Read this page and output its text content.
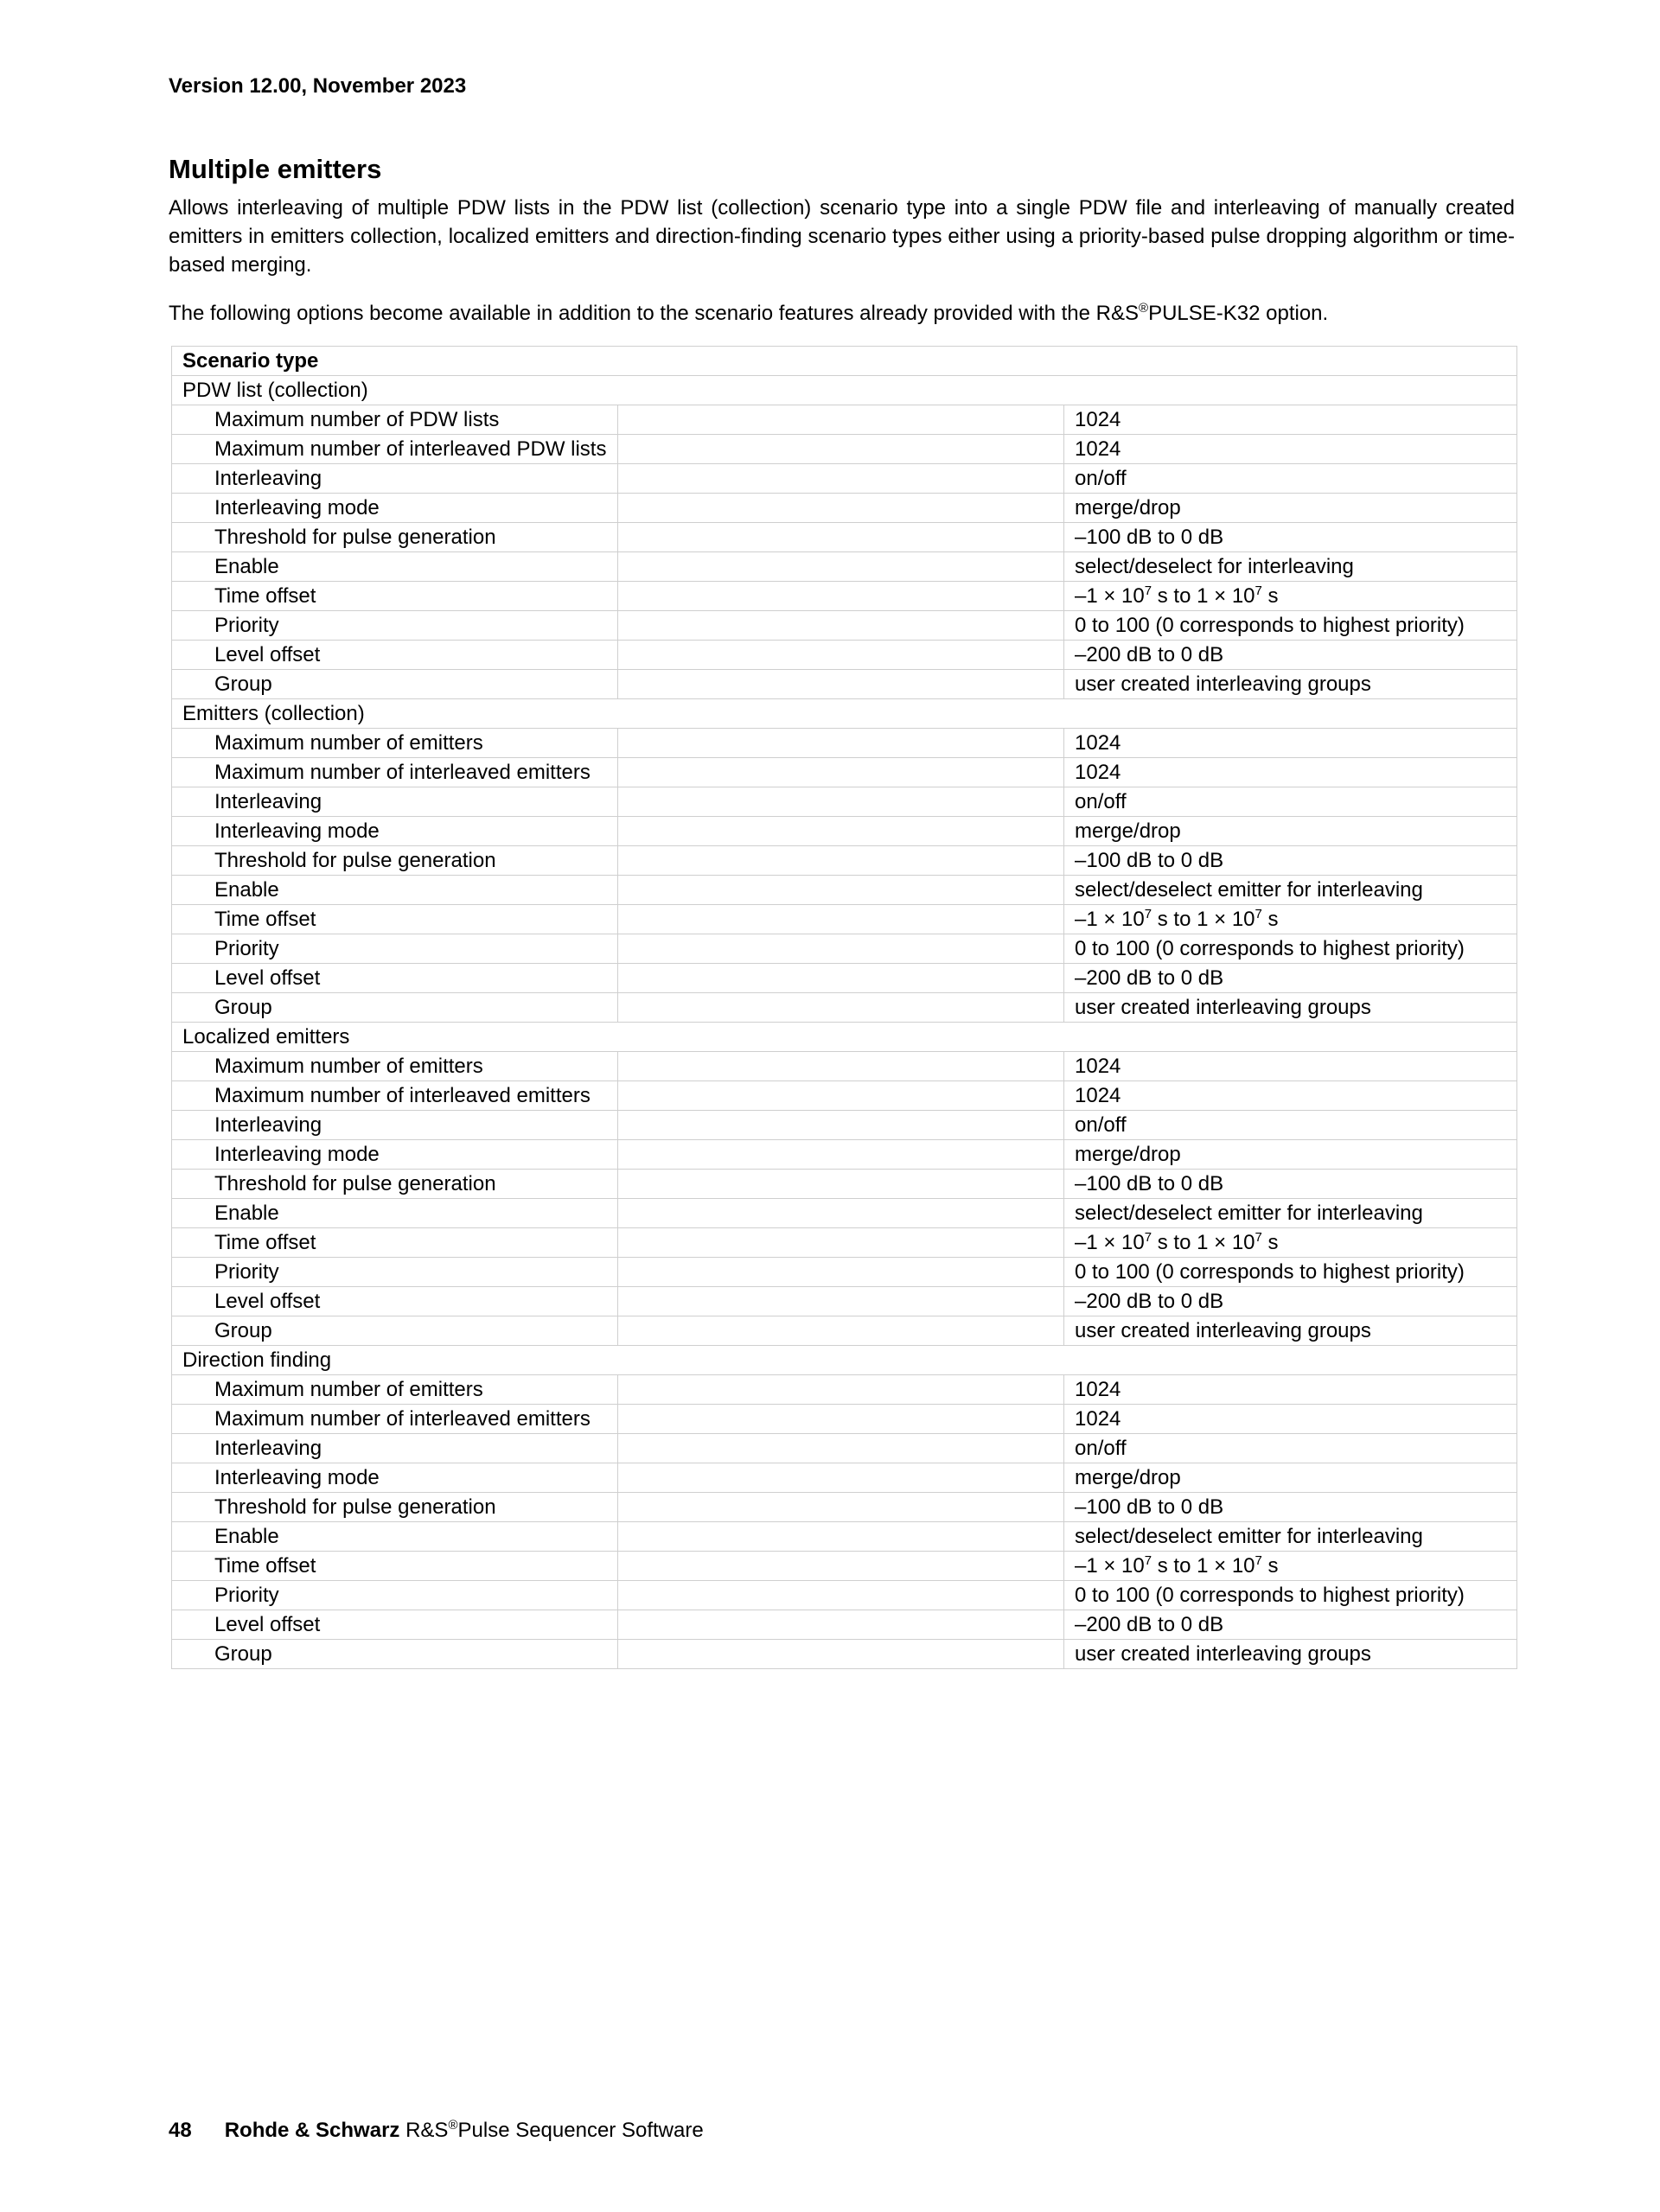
Version 12.00, November 2023
Multiple emitters

Allows interleaving of multiple PDW lists in the PDW list (collection) scenario type into a single PDW file and interleaving of manually created emitters in emitters collection, localized emitters and direction-finding scenario types either using a priority-based pulse dropping algorithm or time-based merging.

The following options become available in addition to the scenario features already provided with the R&S®PULSE-K32 option.

Scenario type		
PDW list (collection)		
Maximum number of PDW lists		1024
Maximum number of interleaved PDW lists		1024
Interleaving		on/off
Interleaving mode		merge/drop
Threshold for pulse generation		–100 dB to 0 dB
Enable		select/deselect for interleaving
Time offset		$-1 \times 10^7$ s to $1 \times 10^7$ s
Priority		0 to 100 (0 corresponds to highest priority)
Level offset		–200 dB to 0 dB
Group		user created interleaving groups
Emitters (collection)		
Maximum number of emitters		1024
Maximum number of interleaved emitters		1024
Interleaving		on/off
Interleaving mode		merge/drop
Threshold for pulse generation		–100 dB to 0 dB
Enable		select/deselect emitter for interleaving
Time offset		$-1 \times 10^7$ s to $1 \times 10^7$ s
Priority		0 to 100 (0 corresponds to highest priority)
Level offset		–200 dB to 0 dB
Group		user created interleaving groups
Localized emitters		
Maximum number of emitters		1024
Maximum number of interleaved emitters		1024
Interleaving		on/off
Interleaving mode		merge/drop
Threshold for pulse generation		–100 dB to 0 dB
Enable		select/deselect emitter for interleaving
Time offset		$-1 \times 10^7$ s to $1 \times 10^7$ s
Priority		0 to 100 (0 corresponds to highest priority)
Level offset		–200 dB to 0 dB
Group		user created interleaving groups
Direction finding		
Maximum number of emitters		1024
Maximum number of interleaved emitters		1024
Interleaving		on/off
Interleaving mode		merge/drop
Threshold for pulse generation		–100 dB to 0 dB
Enable		select/deselect emitter for interleaving
Time offset		$-1 \times 10^7$ s to $1 \times 10^7$ s
Priority		0 to 100 (0 corresponds to highest priority)
Level offset		–200 dB to 0 dB
Group		user created interleaving groups
48 Rohde & Schwarz R&S®Pulse Sequencer Software
